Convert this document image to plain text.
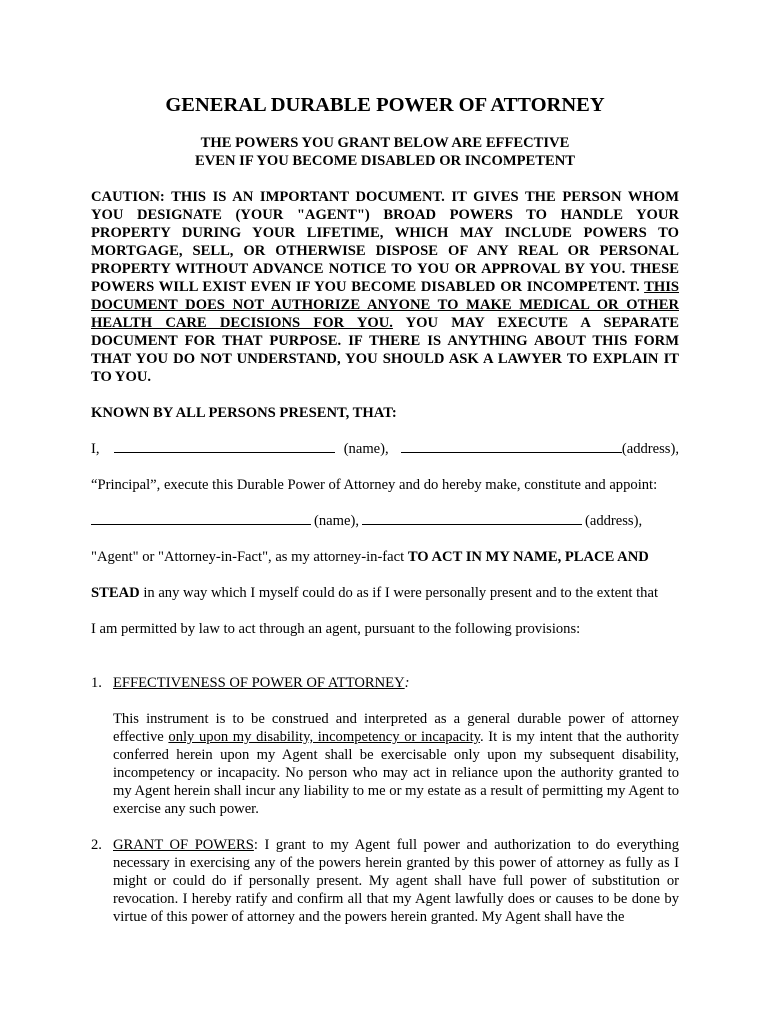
GENERAL DURABLE POWER OF ATTORNEY
THE POWERS YOU GRANT BELOW ARE EFFECTIVE
EVEN IF YOU BECOME DISABLED OR INCOMPETENT

CAUTION: THIS IS AN IMPORTANT DOCUMENT. IT GIVES THE PERSON WHOM YOU DESIGNATE (YOUR "AGENT") BROAD POWERS TO HANDLE YOUR PROPERTY DURING YOUR LIFETIME, WHICH MAY INCLUDE POWERS TO MORTGAGE, SELL, OR OTHERWISE DISPOSE OF ANY REAL OR PERSONAL PROPERTY WITHOUT ADVANCE NOTICE TO YOU OR APPROVAL BY YOU. THESE POWERS WILL EXIST EVEN IF YOU BECOME DISABLED OR INCOMPETENT. THIS DOCUMENT DOES NOT AUTHORIZE ANYONE TO MAKE MEDICAL OR OTHER HEALTH CARE DECISIONS FOR YOU. YOU MAY EXECUTE A SEPARATE DOCUMENT FOR THAT PURPOSE. IF THERE IS ANYTHING ABOUT THIS FORM THAT YOU DO NOT UNDERSTAND, YOU SHOULD ASK A LAWYER TO EXPLAIN IT TO YOU.

KNOWN BY ALL PERSONS PRESENT, THAT:

I,	(name),	(address),

“Principal”, execute this Durable Power of Attorney and do hereby make, constitute and appoint:

(name),	(address),

"Agent" or "Attorney-in-Fact", as my attorney-in-fact TO ACT IN MY NAME, PLACE AND

STEAD in any way which I myself could do as if I were personally present and to the extent that

I am permitted by law to act through an agent, pursuant to the following provisions:

1. EFFECTIVENESS OF POWER OF ATTORNEY:

This instrument is to be construed and interpreted as a general durable power of attorney effective only upon my disability, incompetency or incapacity. It is my intent that the authority conferred herein upon my Agent shall be exercisable only upon my subsequent disability, incompetency or incapacity. No person who may act in reliance upon the authority granted to my Agent herein shall incur any liability to me or my estate as a result of permitting my Agent to exercise any such power.

2. GRANT OF POWERS: I grant to my Agent full power and authorization to do everything necessary in exercising any of the powers herein granted by this power of attorney as fully as I might or could do if personally present. My agent shall have full power of substitution or revocation. I hereby ratify and confirm all that my Agent lawfully does or causes to be done by virtue of this power of attorney and the powers herein granted. My Agent shall have the
